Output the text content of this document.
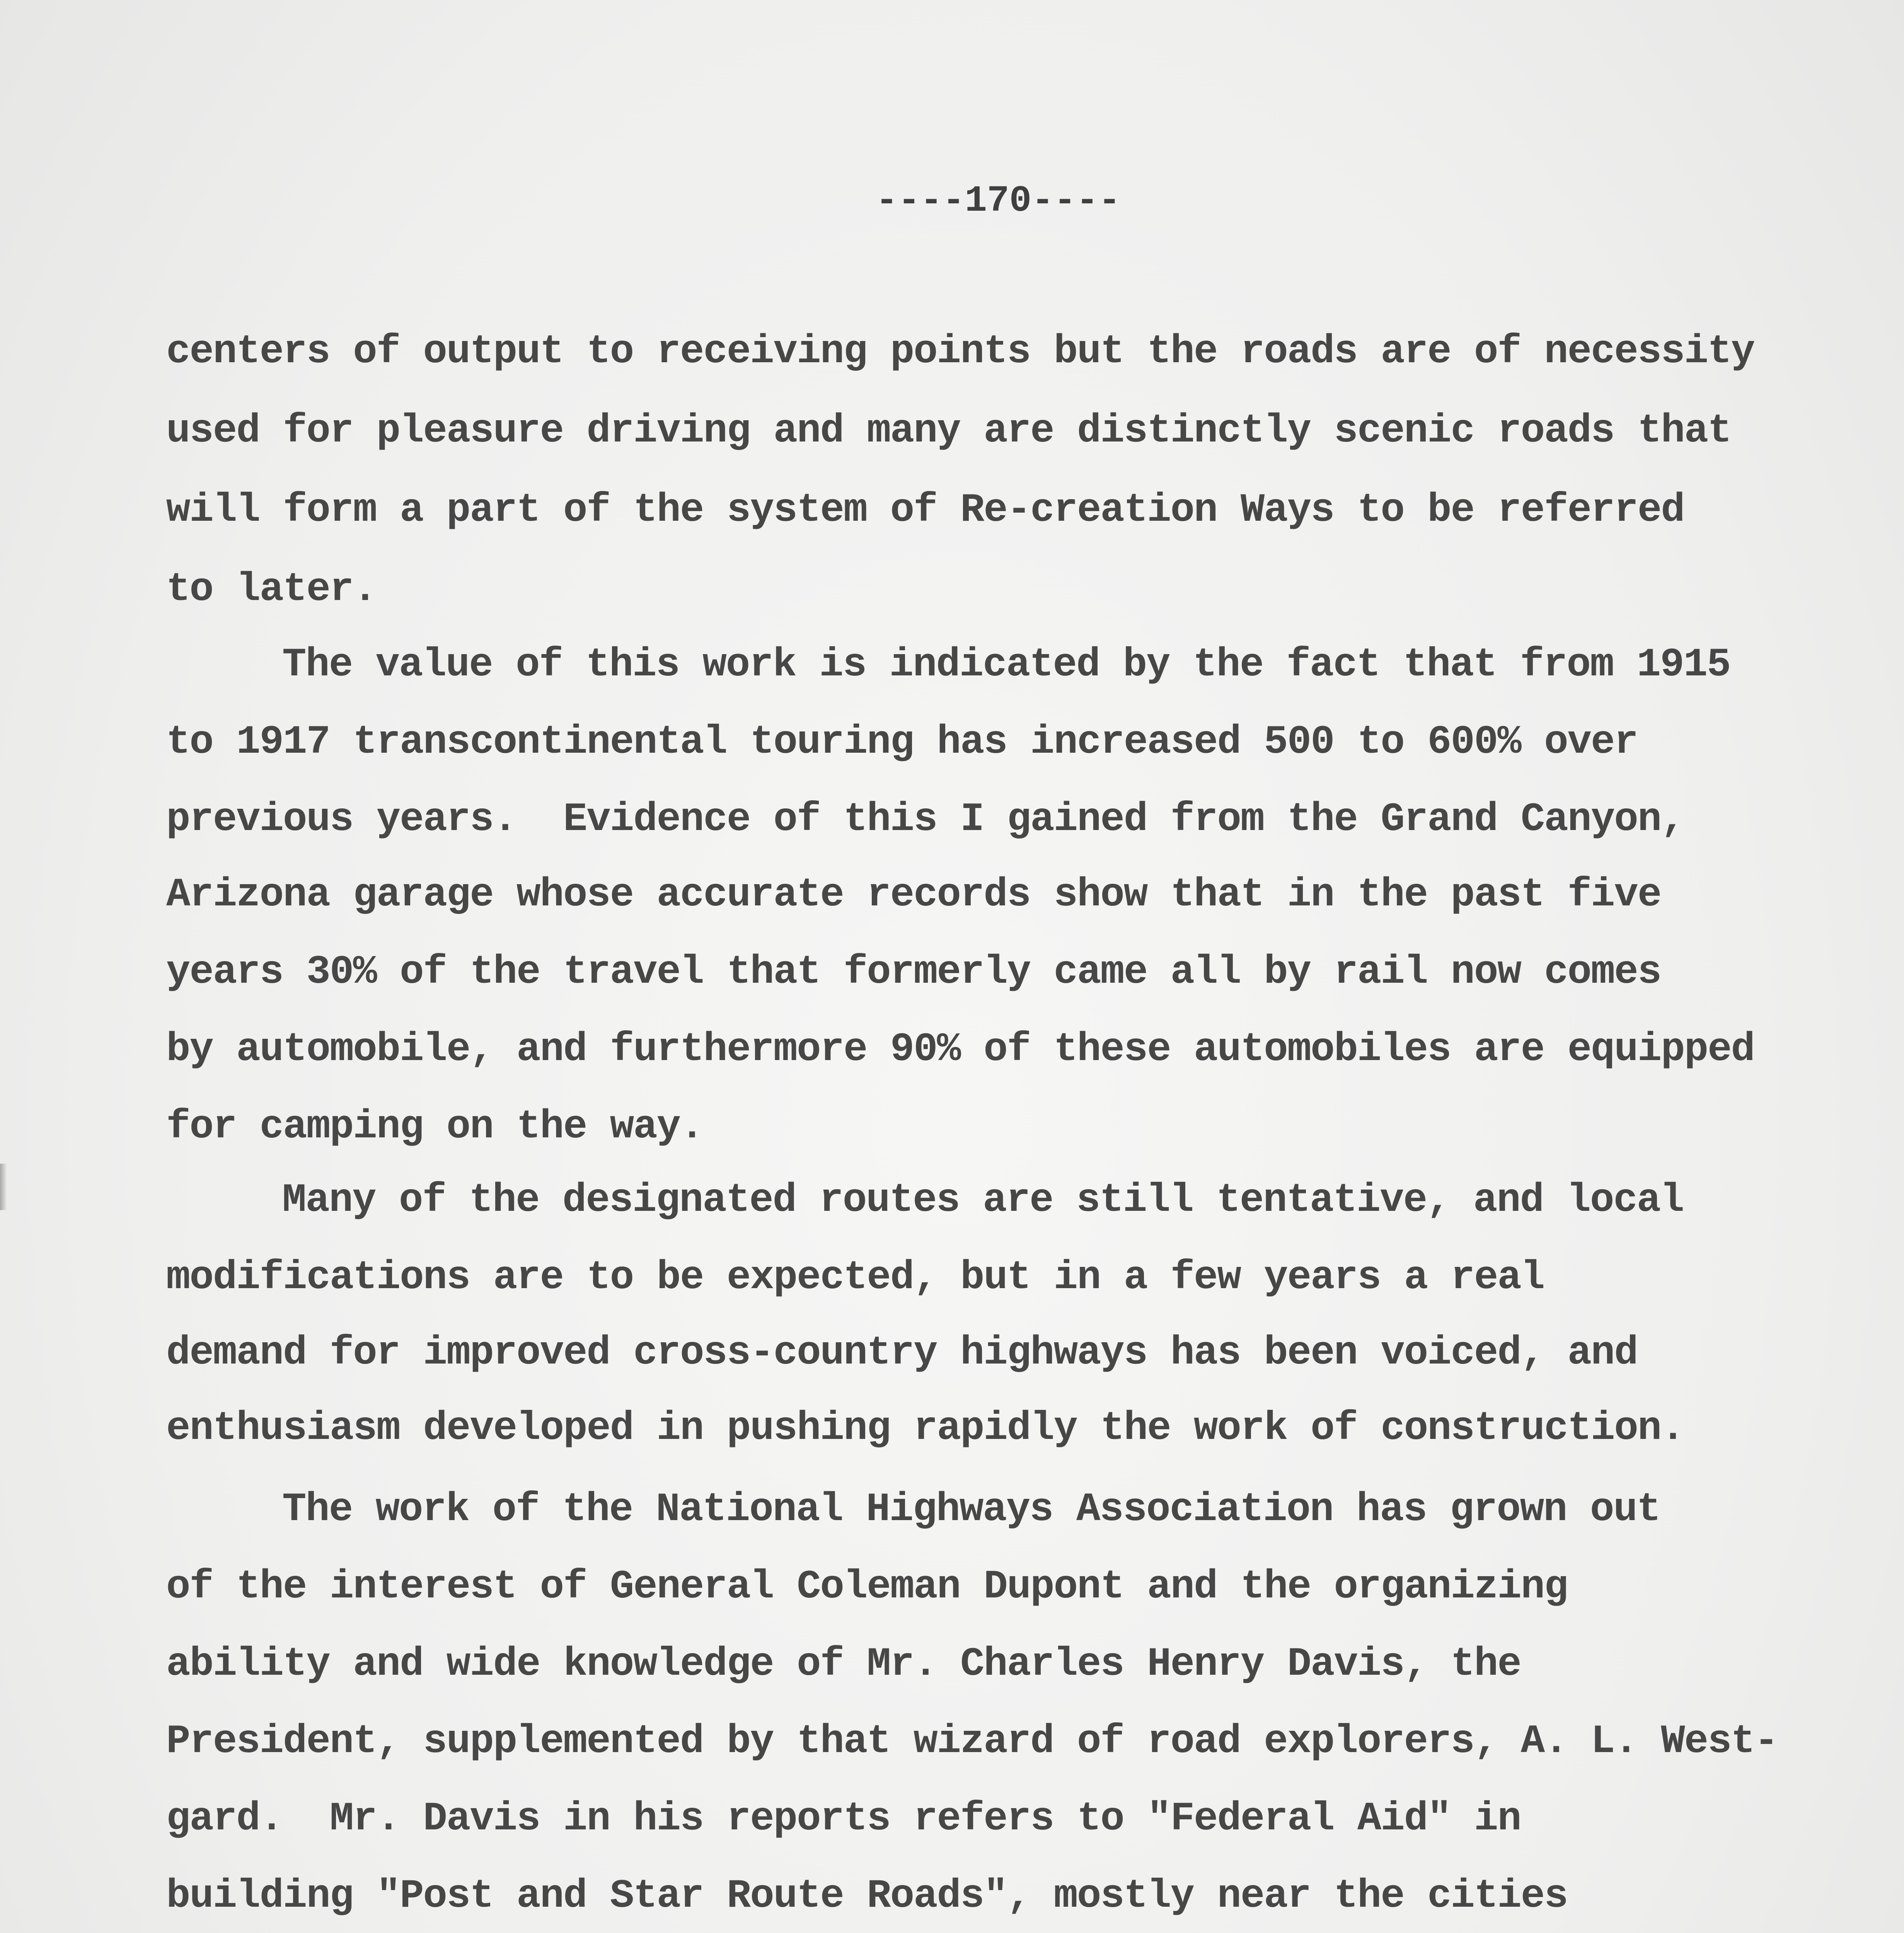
----170----
centers of output to receiving points but the roads are of necessity
used for pleasure driving and many are distinctly scenic roads that
will form a part of the system of Re-creation Ways to be referred
to later.
The value of this work is indicated by the fact that from 1915
to 1917 transcontinental touring has increased 500 to 600% over
previous years.  Evidence of this I gained from the Grand Canyon,
Arizona garage whose accurate records show that in the past five
years 30% of the travel that formerly came all by rail now comes
by automobile, and furthermore 90% of these automobiles are equipped
for camping on the way.
Many of the designated routes are still tentative, and local
modifications are to be expected, but in a few years a real
demand for improved cross-country highways has been voiced, and
enthusiasm developed in pushing rapidly the work of construction.
The work of the National Highways Association has grown out
of the interest of General Coleman Dupont and the organizing
ability and wide knowledge of Mr. Charles Henry Davis, the
President, supplemented by that wizard of road explorers, A. L. West-
gard.  Mr. Davis in his reports refers to "Federal Aid" in
building "Post and Star Route Roads", mostly near the cities
